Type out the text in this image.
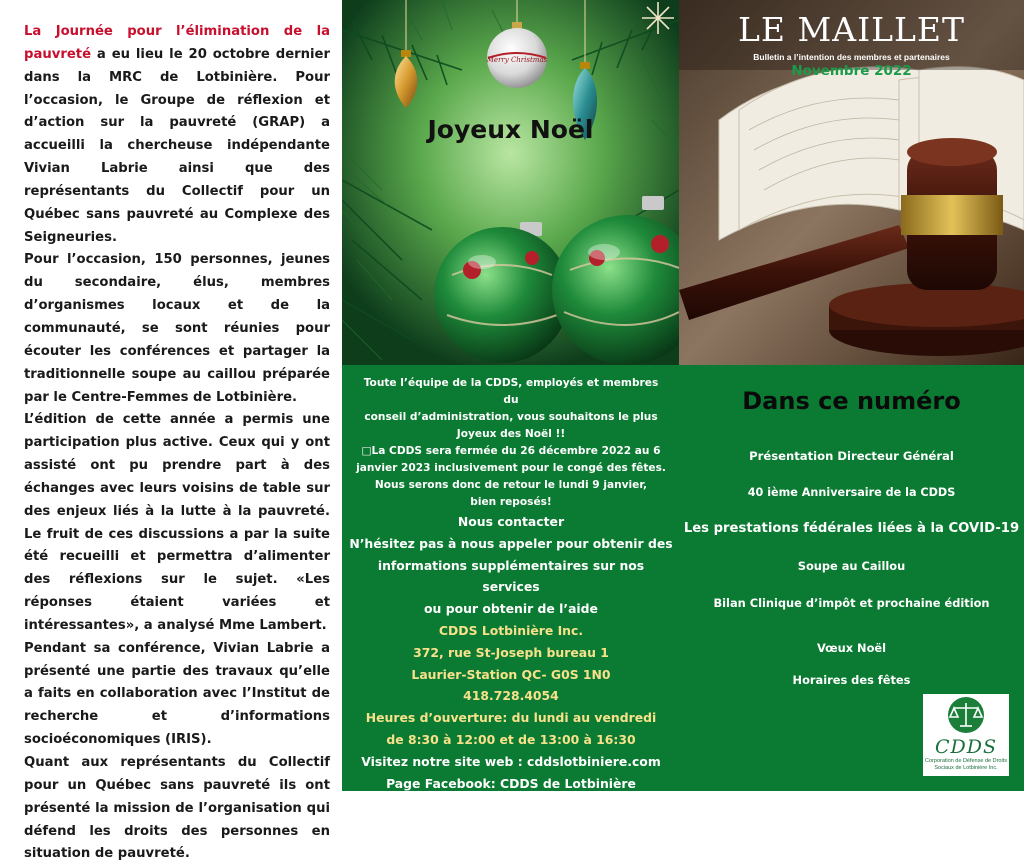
La Journée pour l’élimination de la pauvreté a eu lieu le 20 octobre dernier dans la MRC de Lotbinière. Pour l’occasion, le Groupe de réflexion et d’action sur la pauvreté (GRAP) a accueilli la chercheuse indépendante Vivian Labrie ainsi que des représentants du Collectif pour un Québec sans pauvreté au Complexe des Seigneuries.

Pour l’occasion, 150 personnes, jeunes du secondaire, élus, membres d’organismes locaux et de la communauté, se sont réunies pour écouter les conférences et partager la traditionnelle soupe au caillou préparée par le Centre-Femmes de Lotbinière.

L’édition de cette année a permis une participation plus active. Ceux qui y ont assisté ont pu prendre part à des échanges avec leurs voisins de table sur des enjeux liés à la lutte à la pauvreté. Le fruit de ces discussions a par la suite été recueilli et permettra d’alimenter des réflexions sur le sujet. «Les réponses étaient variées et intéressantes», a analysé Mme Lambert.

Pendant sa conférence, Vivian Labrie a présenté une partie des travaux qu’elle a faits en collaboration avec l’Institut de recherche et d’informations socioéconomiques (IRIS).

Quant aux représentants du Collectif pour un Québec sans pauvreté ils ont présenté la mission de l’organisation qui défend les droits des personnes en situation de pauvreté.

Merry Christmas
Joyeux Noël
Toute l’équipe de la CDDS, employés et membres du
conseil d’administration, vous souhaitons le plus
Joyeux des Noël !!
□La CDDS sera fermée du 26 décembre 2022 au 6
janvier 2023 inclusivement pour le congé des fêtes.
Nous serons donc de retour le lundi 9 janvier,
bien reposés!
Nous contacter
N’hésitez pas à nous appeler pour obtenir des
informations supplémentaires sur nos services
ou pour obtenir de l’aide
CDDS Lotbinière Inc.
372, rue St-Joseph bureau 1
Laurier-Station QC- G0S 1N0
418.728.4054
Heures d’ouverture: du lundi au vendredi
de 8:30 à 12:00 et de 13:00 à 16:30
Visitez notre site web : cddslotbiniere.com
Page Facebook: CDDS de Lotbinière
LE MAILLET
Bulletin a l’intention des membres et partenaires
Novembre 2022
Dans ce numéro
Présentation Directeur Général
40 ième Anniversaire de la CDDS
Les prestations fédérales liées à la COVID-19
Soupe au Caillou
Bilan Clinique d’impôt et prochaine édition
Vœux Noël
Horaires des fêtes
CDDS
Corporation de Défense de Droits Sociaux de Lotbinière Inc.
